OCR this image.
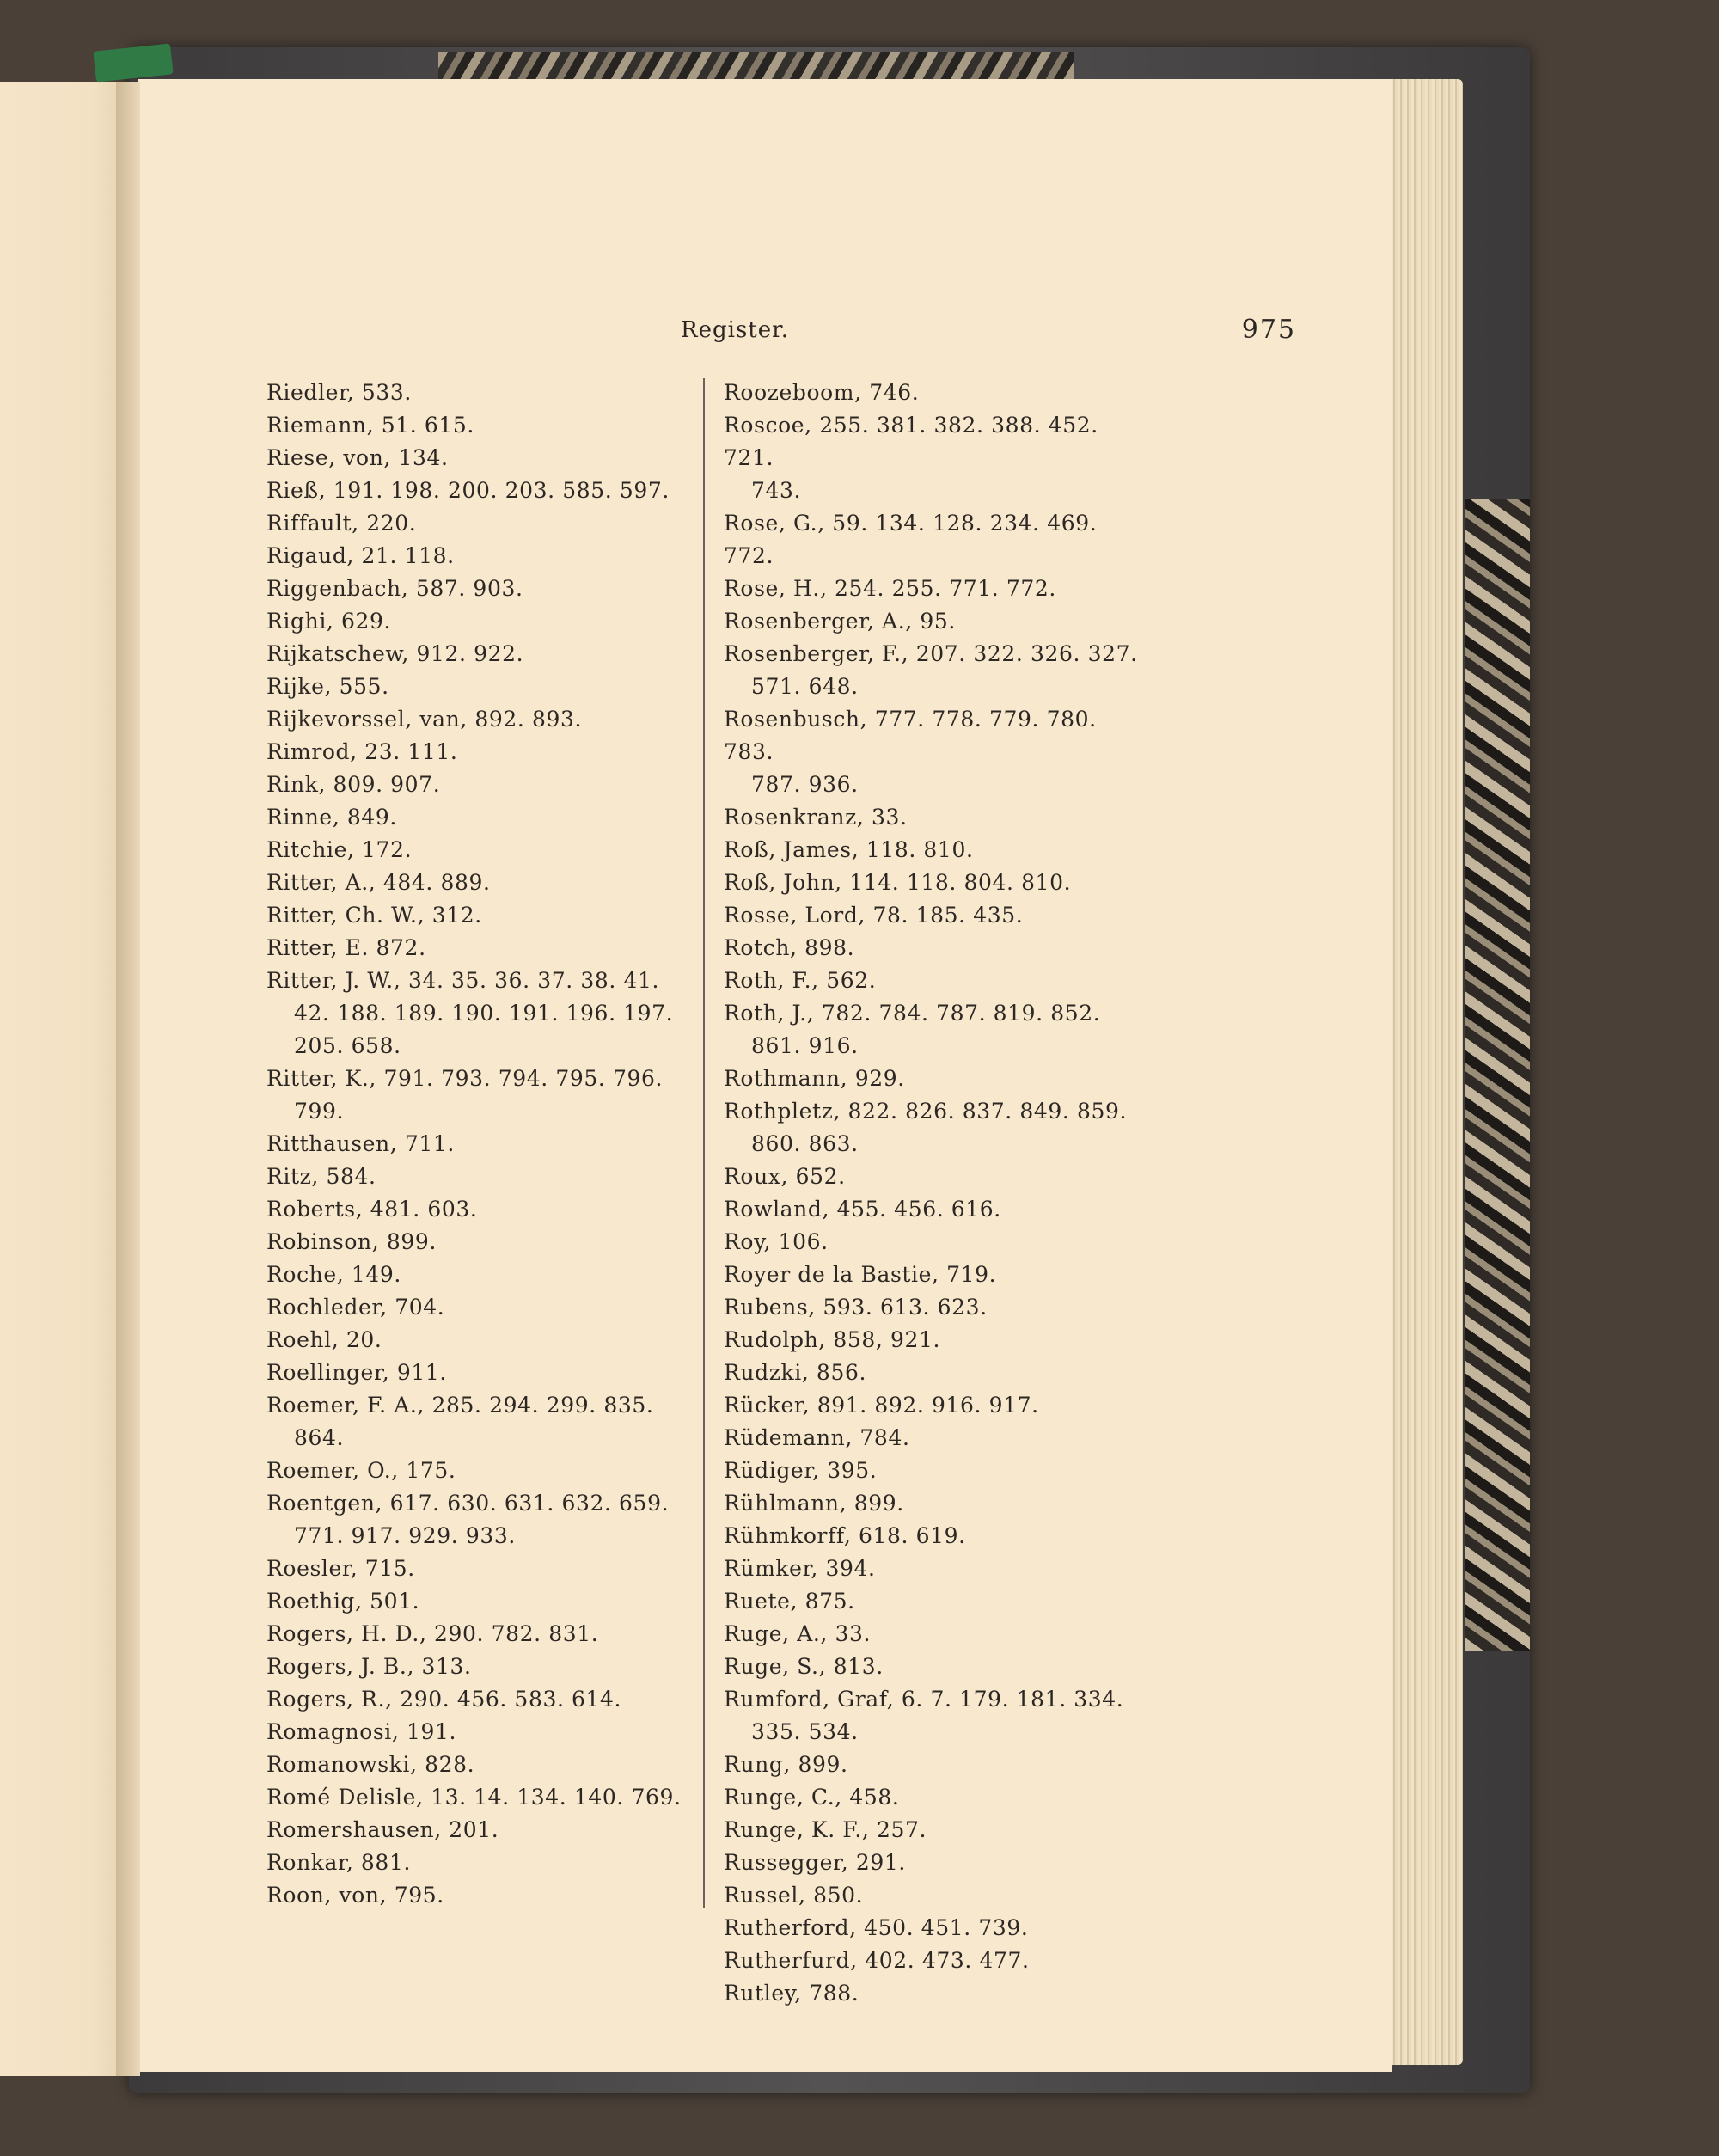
Register.	975
Riedler, 533.
Riemann, 51. 615.
Riese, von, 134.
Rieß, 191. 198. 200. 203. 585. 597.
Riffault, 220.
Rigaud, 21. 118.
Riggenbach, 587. 903.
Righi, 629.
Rijkatschew, 912. 922.
Rijke, 555.
Rijkevorssel, van, 892. 893.
Rimrod, 23. 111.
Rink, 809. 907.
Rinne, 849.
Ritchie, 172.
Ritter, A., 484. 889.
Ritter, Ch. W., 312.
Ritter, E. 872.
Ritter, J. W., 34. 35. 36. 37. 38. 41.
42. 188. 189. 190. 191. 196. 197.
205. 658.
Ritter, K., 791. 793. 794. 795. 796.
799.
Ritthausen, 711.
Ritz, 584.
Roberts, 481. 603.
Robinson, 899.
Roche, 149.
Rochleder, 704.
Roehl, 20.
Roellinger, 911.
Roemer, F. A., 285. 294. 299. 835.
864.
Roemer, O., 175.
Roentgen, 617. 630. 631. 632. 659.
771. 917. 929. 933.
Roesler, 715.
Roethig, 501.
Rogers, H. D., 290. 782. 831.
Rogers, J. B., 313.
Rogers, R., 290. 456. 583. 614.
Romagnosi, 191.
Romanowski, 828.
Romé Delisle, 13. 14. 134. 140. 769.
Romershausen, 201.
Ronkar, 881.
Roon, von, 795.
Roozeboom, 746.
Roscoe, 255. 381. 382. 388. 452. 721.
743.
Rose, G., 59. 134. 128. 234. 469. 772.
Rose, H., 254. 255. 771. 772.
Rosenberger, A., 95.
Rosenberger, F., 207. 322. 326. 327.
571. 648.
Rosenbusch, 777. 778. 779. 780. 783.
787. 936.
Rosenkranz, 33.
Roß, James, 118. 810.
Roß, John, 114. 118. 804. 810.
Rosse, Lord, 78. 185. 435.
Rotch, 898.
Roth, F., 562.
Roth, J., 782. 784. 787. 819. 852.
861. 916.
Rothmann, 929.
Rothpletz, 822. 826. 837. 849. 859.
860. 863.
Roux, 652.
Rowland, 455. 456. 616.
Roy, 106.
Royer de la Bastie, 719.
Rubens, 593. 613. 623.
Rudolph, 858, 921.
Rudzki, 856.
Rücker, 891. 892. 916. 917.
Rüdemann, 784.
Rüdiger, 395.
Rühlmann, 899.
Rühmkorff, 618. 619.
Rümker, 394.
Ruete, 875.
Ruge, A., 33.
Ruge, S., 813.
Rumford, Graf, 6. 7. 179. 181. 334.
335. 534.
Rung, 899.
Runge, C., 458.
Runge, K. F., 257.
Russegger, 291.
Russel, 850.
Rutherford, 450. 451. 739.
Rutherfurd, 402. 473. 477.
Rutley, 788.
